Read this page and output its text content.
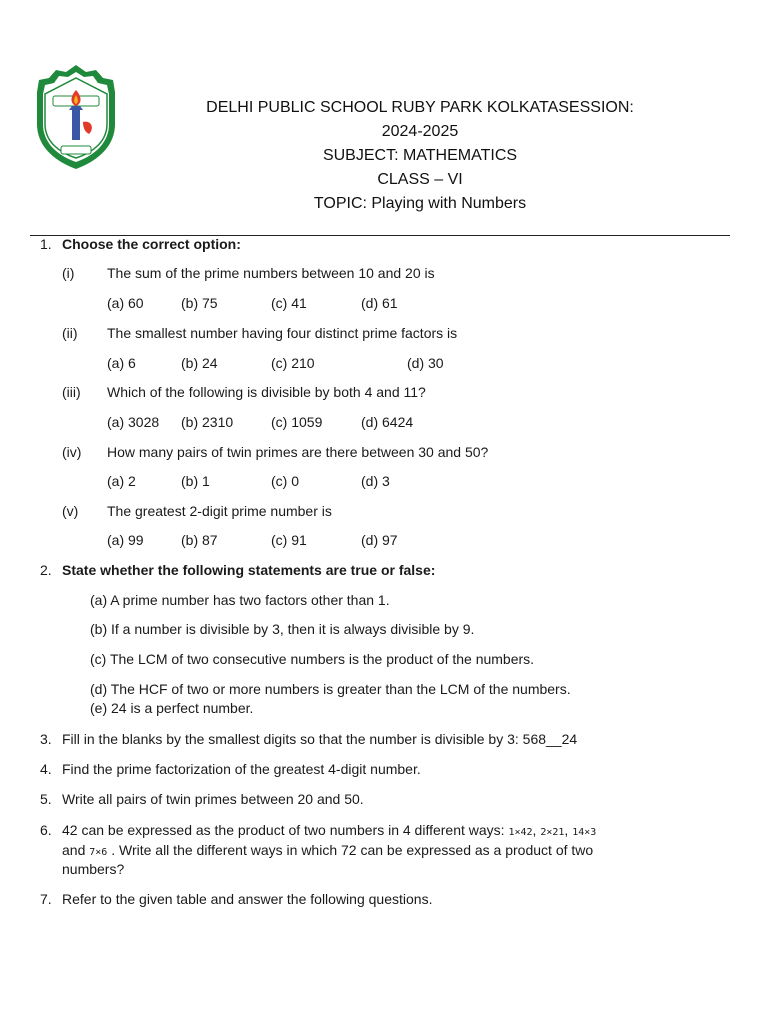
DELHI PUBLIC SCHOOL RUBY PARK KOLKATASESSION:
2024-2025
SUBJECT: MATHEMATICS
CLASS – VI
TOPIC: Playing with Numbers
1. Choose the correct option:
(i) The sum of the prime numbers between 10 and 20 is
(a) 60	(b) 75	(c) 41	(d) 61
(ii) The smallest number having four distinct prime factors is
(a) 6	(b) 24	(c) 210	(d) 30
(iii) Which of the following is divisible by both 4 and 11?
(a) 3028 (b) 2310	(c) 1059	(d) 6424
(iv) How many pairs of twin primes are there between 30 and 50?
(a) 2	(b) 1	(c) 0	(d) 3
(v) The greatest 2-digit prime number is
(a) 99	(b) 87	(c) 91	(d) 97
2. State whether the following statements are true or false:
(a) A prime number has two factors other than 1.
(b) If a number is divisible by 3, then it is always divisible by 9.
(c) The LCM of two consecutive numbers is the product of the numbers.
(d) The HCF of two or more numbers is greater than the LCM of the numbers.
(e) 24 is a perfect number.
3. Fill in the blanks by the smallest digits so that the number is divisible by 3: 568__24
4. Find the prime factorization of the greatest 4-digit number.
5. Write all pairs of twin primes between 20 and 50.
6. 42 can be expressed as the product of two numbers in 4 different ways: 1×42, 2×21, 14×3
and 7×6 . Write all the different ways in which 72 can be expressed as a product of two
numbers?
7. Refer to the given table and answer the following questions.
